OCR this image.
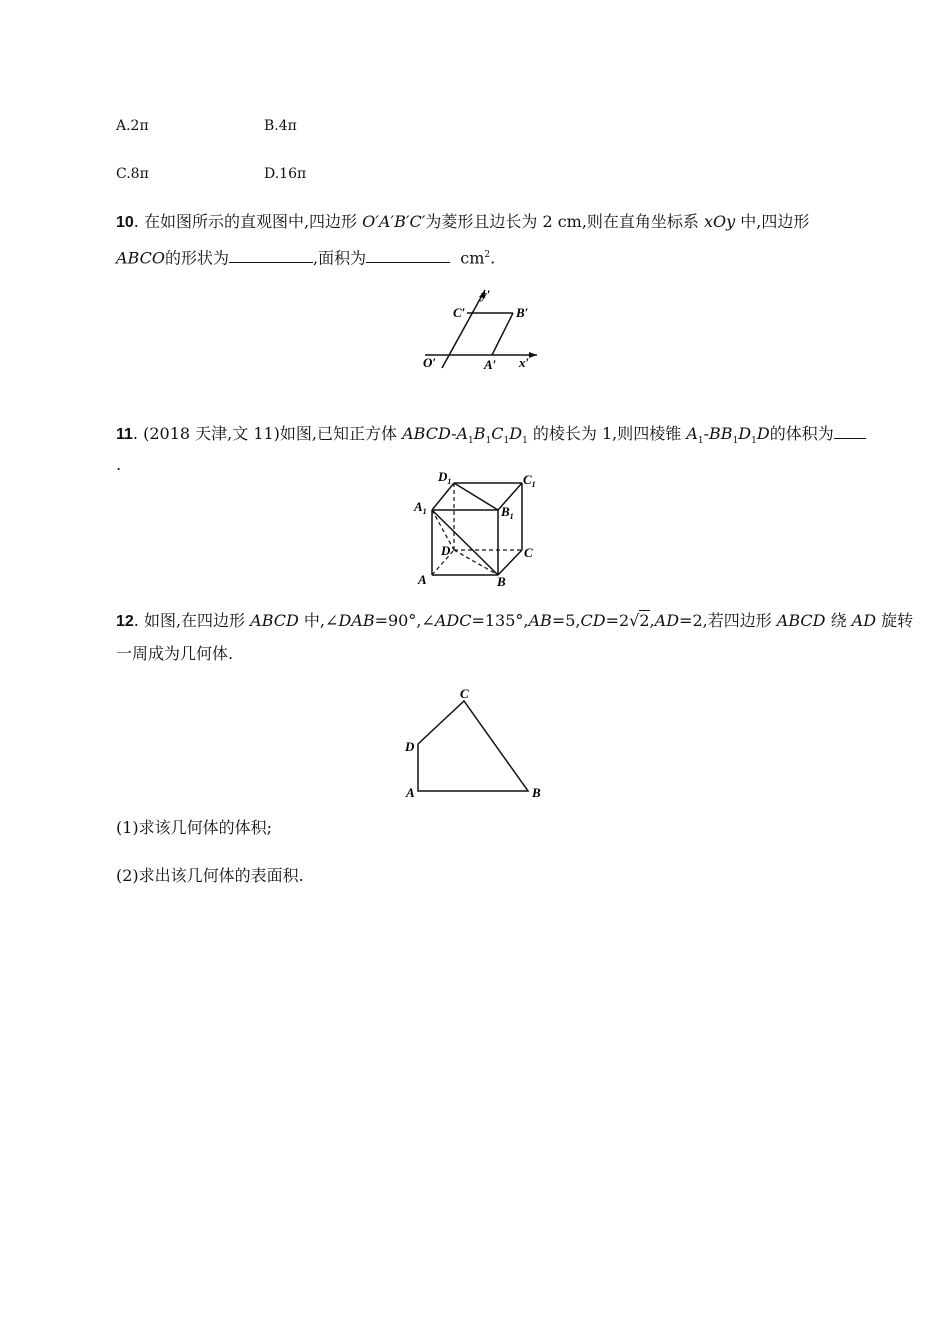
A.2π	B.4π
C.8π	D.16π
10. 在如图所示的直观图中,四边形 O′A′B′C′为菱形且边长为 2 cm,则在直角坐标系 xOy 中,四边形
ABCO的形状为	,面积为	$cm^2$.
C′	B′
O′	A′ x′
y′
11. (2018 天津,文 11)如图,已知正方体 ABCD-$A_1B_1C_1D_1$ 的棱长为 1,则四棱锥 $A_1-BB_1D_1D$的体积为
.
$D_1$	$C_1$
$A_1$	$B_1$
D	C
A	B
12. 如图,在四边形 ABCD 中,∠DAB=90°,∠ADC=135°,AB=5,CD=2√2,AD=2,若四边形 ABCD 绕 AD 旋转
一周成为几何体.
C
D
A	B
(1)求该几何体的体积;
(2)求出该几何体的表面积.
